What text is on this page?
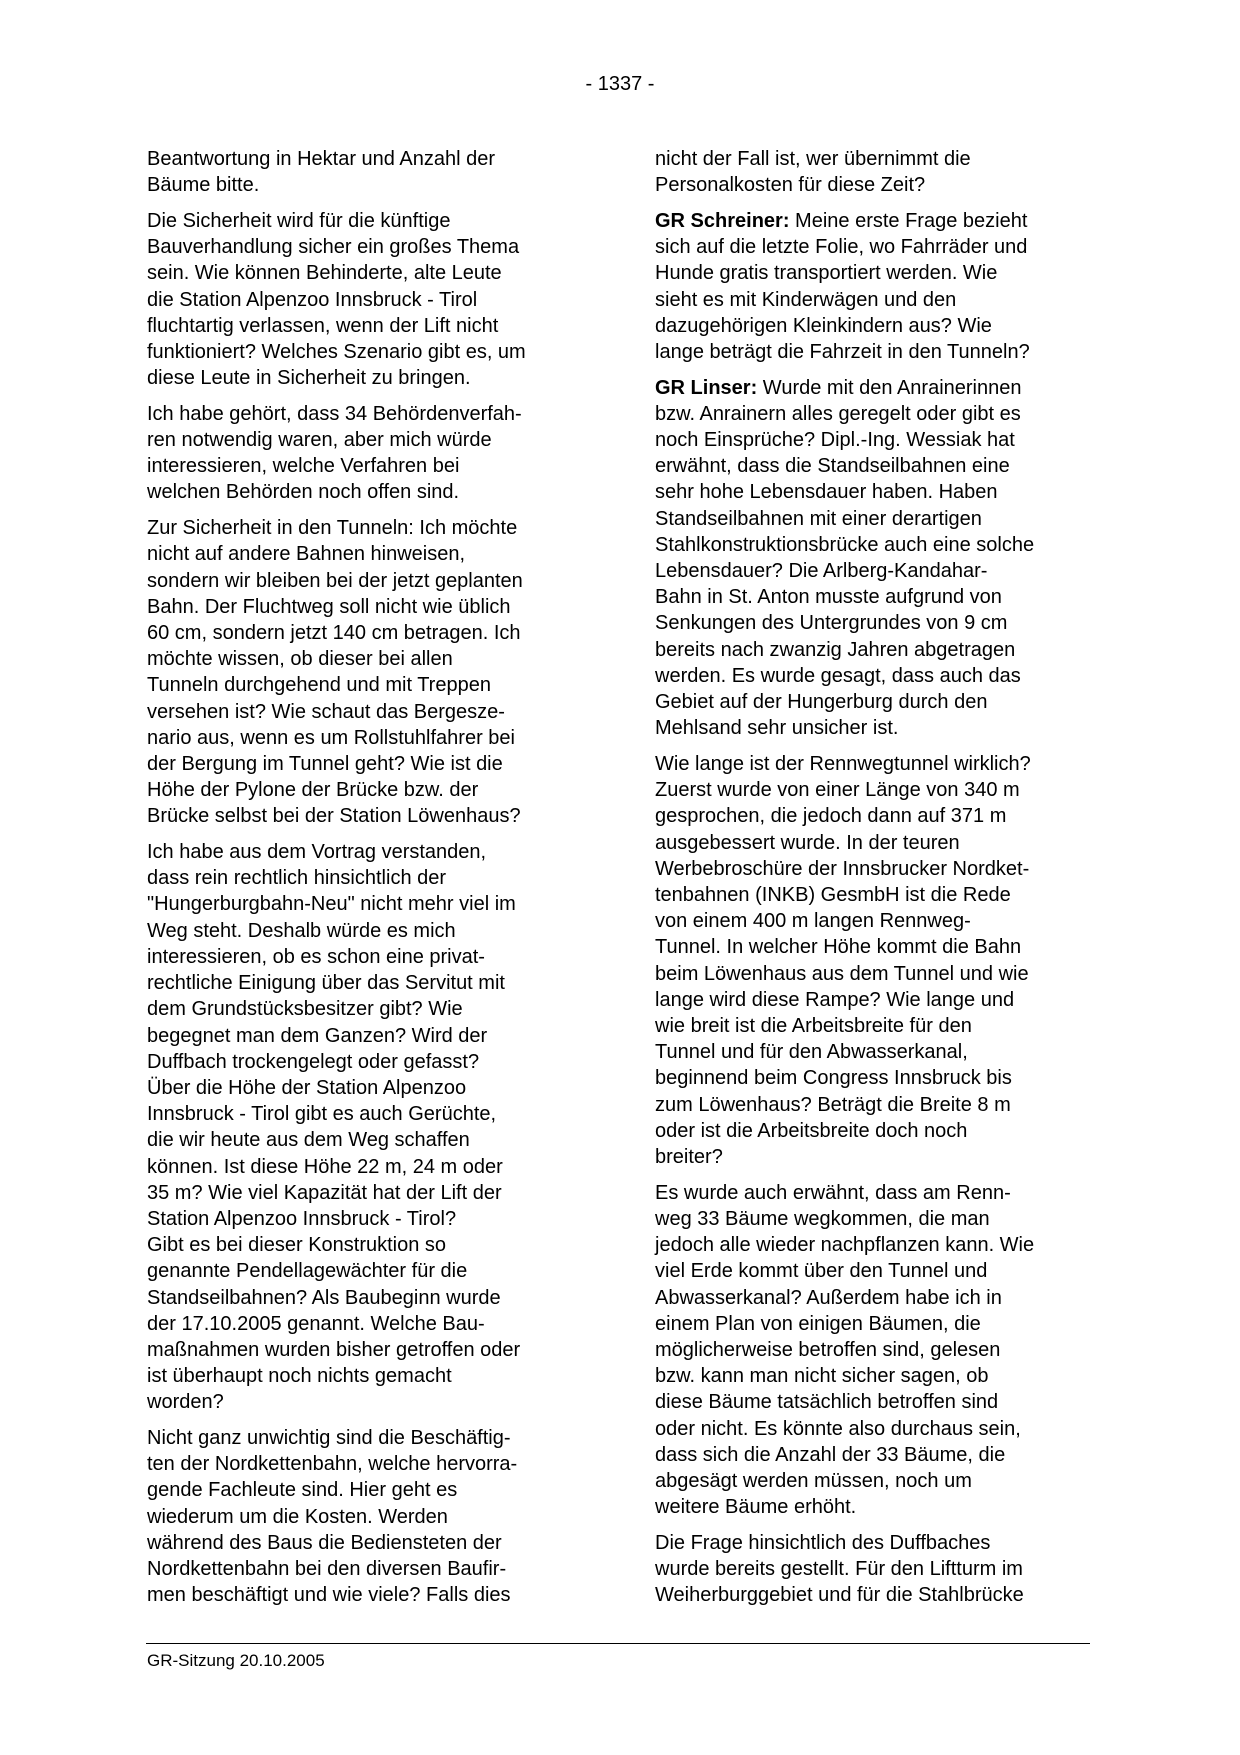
- 1337 -

Beantwortung in Hektar und Anzahl der
Bäume bitte.

Die Sicherheit wird für die künftige
Bauverhandlung sicher ein großes Thema
sein. Wie können Behinderte, alte Leute
die Station Alpenzoo Innsbruck - Tirol
fluchtartig verlassen, wenn der Lift nicht
funktioniert? Welches Szenario gibt es, um
diese Leute in Sicherheit zu bringen.

Ich habe gehört, dass 34 Behördenverfah-
ren notwendig waren, aber mich würde
interessieren, welche Verfahren bei
welchen Behörden noch offen sind.

Zur Sicherheit in den Tunneln: Ich möchte
nicht auf andere Bahnen hinweisen,
sondern wir bleiben bei der jetzt geplanten
Bahn. Der Fluchtweg soll nicht wie üblich
60 cm, sondern jetzt 140 cm betragen. Ich
möchte wissen, ob dieser bei allen
Tunneln durchgehend und mit Treppen
versehen ist? Wie schaut das Bergesze-
nario aus, wenn es um Rollstuhlfahrer bei
der Bergung im Tunnel geht? Wie ist die
Höhe der Pylone der Brücke bzw. der
Brücke selbst bei der Station Löwenhaus?

Ich habe aus dem Vortrag verstanden,
dass rein rechtlich hinsichtlich der
"Hungerburgbahn-Neu" nicht mehr viel im
Weg steht. Deshalb würde es mich
interessieren, ob es schon eine privat-
rechtliche Einigung über das Servitut mit
dem Grundstücksbesitzer gibt? Wie
begegnet man dem Ganzen? Wird der
Duffbach trockengelegt oder gefasst?
Über die Höhe der Station Alpenzoo
Innsbruck - Tirol gibt es auch Gerüchte,
die wir heute aus dem Weg schaffen
können. Ist diese Höhe 22 m, 24 m oder
35 m? Wie viel Kapazität hat der Lift der
Station Alpenzoo Innsbruck - Tirol?
Gibt es bei dieser Konstruktion so
genannte Pendellagewächter für die
Standseilbahnen? Als Baubeginn wurde
der 17.10.2005 genannt. Welche Bau-
maßnahmen wurden bisher getroffen oder
ist überhaupt noch nichts gemacht
worden?

Nicht ganz unwichtig sind die Beschäftig-
ten der Nordkettenbahn, welche hervorra-
gende Fachleute sind. Hier geht es
wiederum um die Kosten. Werden
während des Baus die Bediensteten der
Nordkettenbahn bei den diversen Baufir-
men beschäftigt und wie viele? Falls dies

nicht der Fall ist, wer übernimmt die
Personalkosten für diese Zeit?

GR Schreiner: Meine erste Frage bezieht
sich auf die letzte Folie, wo Fahrräder und
Hunde gratis transportiert werden. Wie
sieht es mit Kinderwägen und den
dazugehörigen Kleinkindern aus? Wie
lange beträgt die Fahrzeit in den Tunneln?

GR Linser: Wurde mit den Anrainerinnen
bzw. Anrainern alles geregelt oder gibt es
noch Einsprüche? Dipl.-Ing. Wessiak hat
erwähnt, dass die Standseilbahnen eine
sehr hohe Lebensdauer haben. Haben
Standseilbahnen mit einer derartigen
Stahlkonstruktionsbrücke auch eine solche
Lebensdauer? Die Arlberg-Kandahar-
Bahn in St. Anton musste aufgrund von
Senkungen des Untergrundes von 9 cm
bereits nach zwanzig Jahren abgetragen
werden. Es wurde gesagt, dass auch das
Gebiet auf der Hungerburg durch den
Mehlsand sehr unsicher ist.

Wie lange ist der Rennwegtunnel wirklich?
Zuerst wurde von einer Länge von 340 m
gesprochen, die jedoch dann auf 371 m
ausgebessert wurde. In der teuren
Werbebroschüre der Innsbrucker Nordket-
tenbahnen (INKB) GesmbH ist die Rede
von einem 400 m langen Rennweg-
Tunnel. In welcher Höhe kommt die Bahn
beim Löwenhaus aus dem Tunnel und wie
lange wird diese Rampe? Wie lange und
wie breit ist die Arbeitsbreite für den
Tunnel und für den Abwasserkanal,
beginnend beim Congress Innsbruck bis
zum Löwenhaus? Beträgt die Breite 8 m
oder ist die Arbeitsbreite doch noch
breiter?

Es wurde auch erwähnt, dass am Renn-
weg 33 Bäume wegkommen, die man
jedoch alle wieder nachpflanzen kann. Wie
viel Erde kommt über den Tunnel und
Abwasserkanal? Außerdem habe ich in
einem Plan von einigen Bäumen, die
möglicherweise betroffen sind, gelesen
bzw. kann man nicht sicher sagen, ob
diese Bäume tatsächlich betroffen sind
oder nicht. Es könnte also durchaus sein,
dass sich die Anzahl der 33 Bäume, die
abgesägt werden müssen, noch um
weitere Bäume erhöht.

Die Frage hinsichtlich des Duffbaches
wurde bereits gestellt. Für den Liftturm im
Weiherburggebiet und für die Stahlbrücke

GR-Sitzung 20.10.2005
